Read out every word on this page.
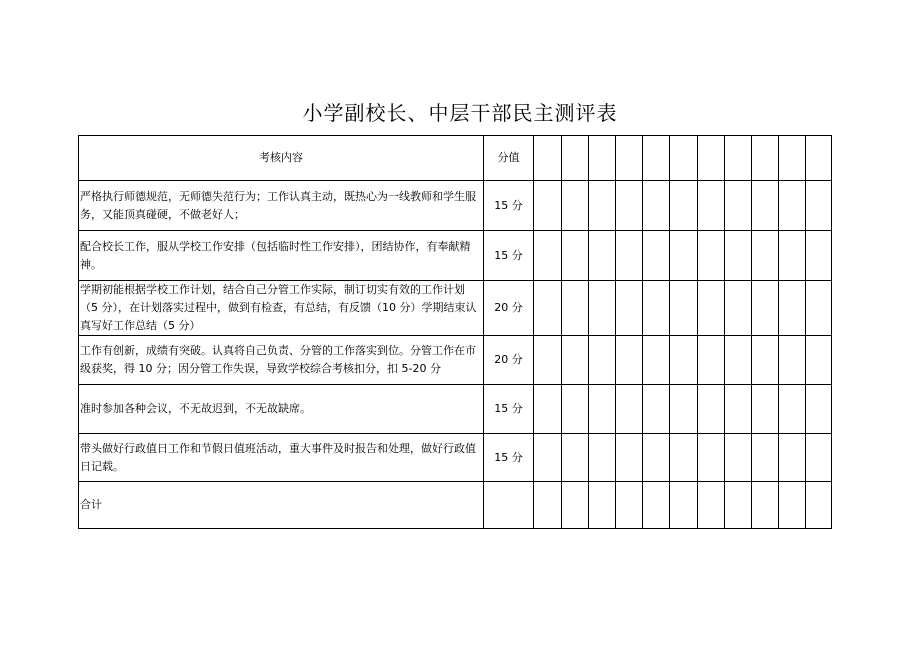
小学副校长、中层干部民主测评表
考核内容	分值											
严格执行师德规范，无师德失范行为；工作认真主动，既热心为一线教师和学生服务，又能顶真碰硬，不做老好人；	15 分											
配合校长工作，服从学校工作安排（包括临时性工作安排），团结协作，有奉献精神。	15 分											
学期初能根据学校工作计划，结合自己分管工作实际，制订切实有效的工作计划（5 分），在计划落实过程中，做到有检查，有总结，有反馈（10 分）学期结束认真写好工作总结（5 分）	20 分											
工作有创新，成绩有突破。认真将自己负责、分管的工作落实到位。分管工作在市级获奖，得 10 分；因分管工作失误，导致学校综合考核扣分，扣 5-20 分	20 分											
准时参加各种会议，不无故迟到，不无故缺席。	15 分											
带头做好行政值日工作和节假日值班活动，重大事件及时报告和处理，做好行政值日记载。	15 分											
合计												
